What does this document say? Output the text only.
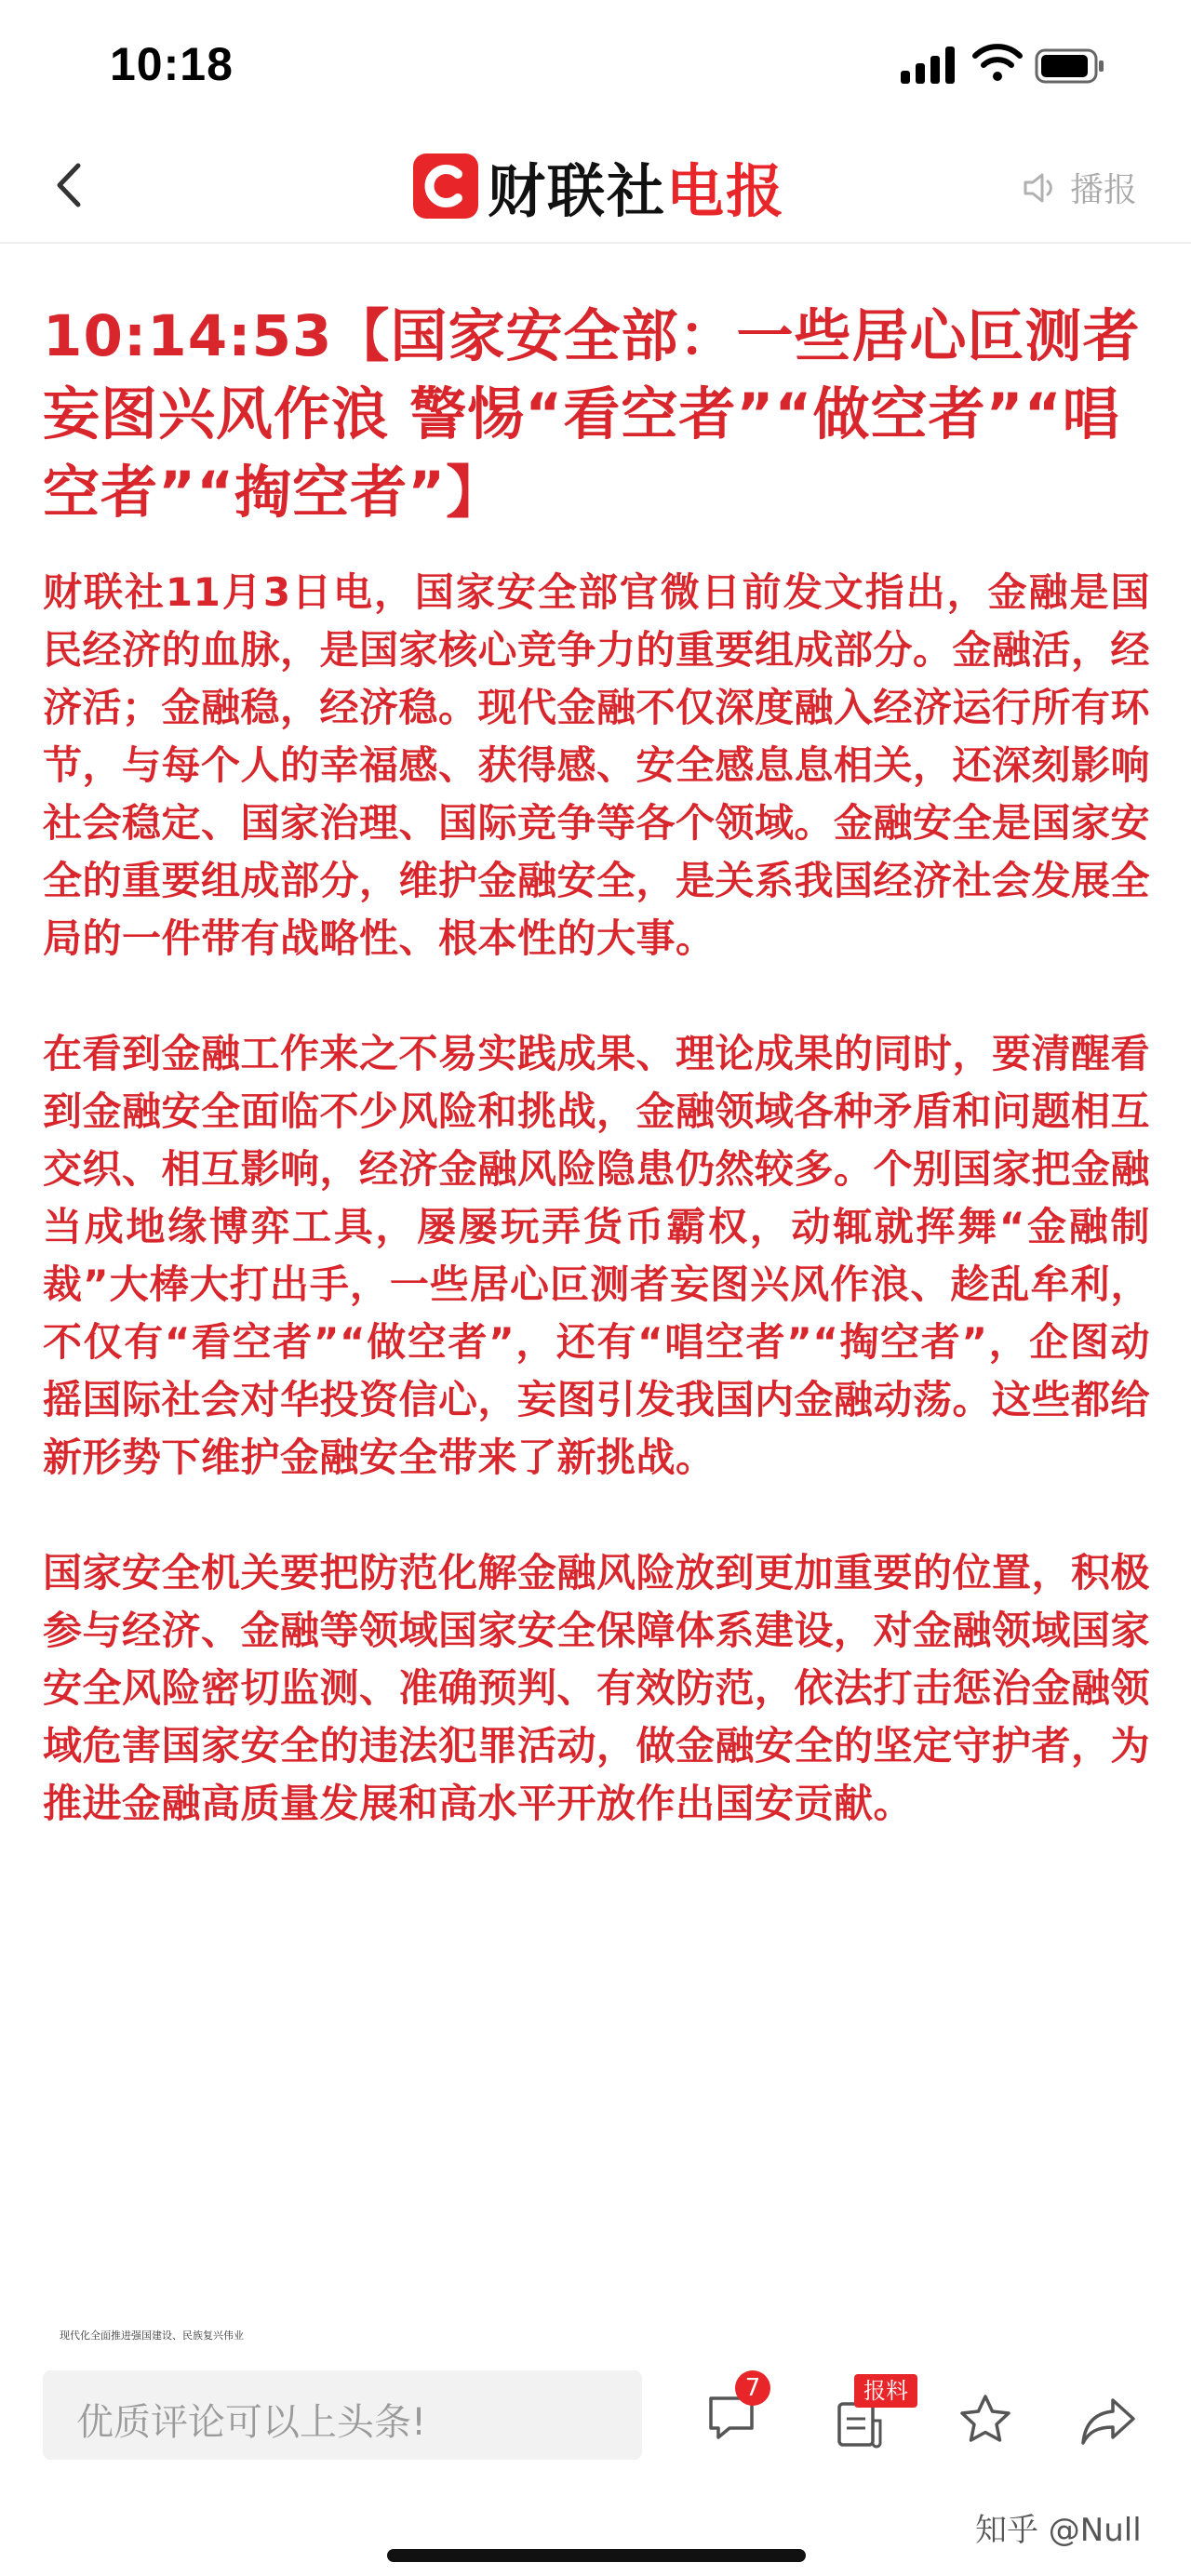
10:18
财联社 电报	播报
10:14:53【国家安全部：一些居心叵测者妄图兴风作浪 警惕“看空者”“做空者”“唱空者”“掏空者”】

财联社11月3日电，国家安全部官微日前发文指出，金融是国民经济的血脉，是国家核心竞争力的重要组成部分。金融活，经济活；金融稳，经济稳。现代金融不仅深度融入经济运行所有环节，与每个人的幸福感、获得感、安全感息息相关，还深刻影响社会稳定、国家治理、国际竞争等各个领域。金融安全是国家安全的重要组成部分，维护金融安全，是关系我国经济社会发展全局的一件带有战略性、根本性的大事。

在看到金融工作来之不易实践成果、理论成果的同时，要清醒看到金融安全面临不少风险和挑战，金融领域各种矛盾和问题相互交织、相互影响，经济金融风险隐患仍然较多。个别国家把金融当成地缘博弈工具，屡屡玩弄货币霸权，动辄就挥舞“金融制裁”大棒大打出手，一些居心叵测者妄图兴风作浪、趁乱牟利，不仅有“看空者”“做空者”，还有“唱空者”“掏空者”，企图动摇国际社会对华投资信心，妄图引发我国内金融动荡。这些都给新形势下维护金融安全带来了新挑战。

国家安全机关要把防范化解金融风险放到更加重要的位置，积极参与经济、金融等领域国家安全保障体系建设，对金融领域国家安全风险密切监测、准确预判、有效防范，依法打击惩治金融领域危害国家安全的违法犯罪活动，做金融安全的坚定守护者，为推进金融高质量发展和高水平开放作出国安贡献。

现代化全面推进强国建设、民族复兴伟业
优质评论可以上头条!
7	报料
知乎 @Null
